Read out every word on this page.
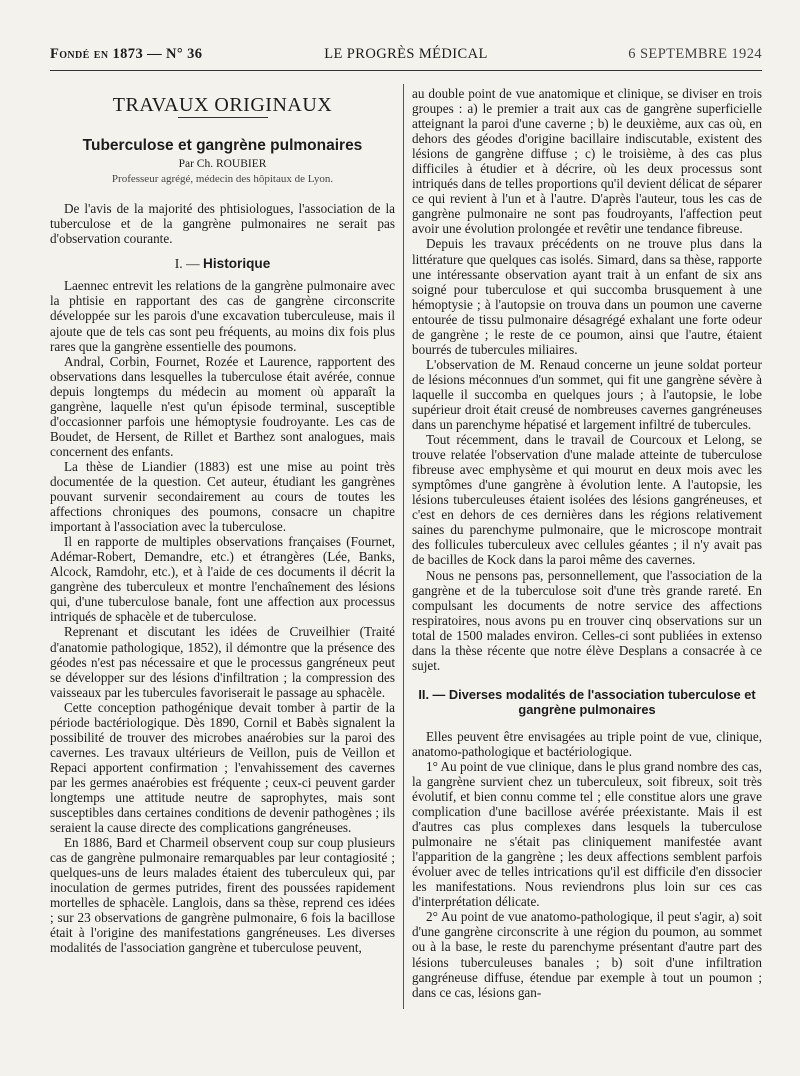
Fondé en 1873 — N° 36	LE PROGRÈS MÉDICAL	6 SEPTEMBRE 1924
TRAVAUX ORIGINAUX
Tuberculose et gangrène pulmonaires
Par Ch. ROUBIER
Professeur agrégé, médecin des hôpitaux de Lyon.

De l'avis de la majorité des phtisiologues, l'association de la tuberculose et de la gangrène pulmonaires ne serait pas d'observation courante.

I. — Historique

Laennec entrevit les relations de la gangrène pulmonaire avec la phtisie en rapportant des cas de gangrène circonscrite développée sur les parois d'une excavation tuberculeuse, mais il ajoute que de tels cas sont peu fréquents, au moins dix fois plus rares que la gangrène essentielle des poumons.

Andral, Corbin, Fournet, Rozée et Laurence, rapportent des observations dans lesquelles la tuberculose était avérée, connue depuis longtemps du médecin au moment où apparaît la gangrène, laquelle n'est qu'un épisode terminal, susceptible d'occasionner parfois une hémoptysie foudroyante. Les cas de Boudet, de Hersent, de Rillet et Barthez sont analogues, mais concernent des enfants.

La thèse de Liandier (1883) est une mise au point très documentée de la question. Cet auteur, étudiant les gangrènes pouvant survenir secondairement au cours de toutes les affections chroniques des poumons, consacre un chapitre important à l'association avec la tuberculose.

Il en rapporte de multiples observations françaises (Fournet, Adémar-Robert, Demandre, etc.) et étrangères (Lée, Banks, Alcock, Ramdohr, etc.), et à l'aide de ces documents il décrit la gangrène des tuberculeux et montre l'enchaînement des lésions qui, d'une tuberculose banale, font une affection aux processus intriqués de sphacèle et de tuberculose.

Reprenant et discutant les idées de Cruveilhier (Traité d'anatomie pathologique, 1852), il démontre que la présence des géodes n'est pas nécessaire et que le processus gangréneux peut se développer sur des lésions d'infiltration ; la compression des vaisseaux par les tubercules favoriserait le passage au sphacèle.

Cette conception pathogénique devait tomber à partir de la période bactériologique. Dès 1890, Cornil et Babès signalent la possibilité de trouver des microbes anaérobies sur la paroi des cavernes. Les travaux ultérieurs de Veillon, puis de Veillon et Repaci apportent confirmation ; l'envahissement des cavernes par les germes anaérobies est fréquente ; ceux-ci peuvent garder longtemps une attitude neutre de saprophytes, mais sont susceptibles dans certaines conditions de devenir pathogènes ; ils seraient la cause directe des complications gangréneuses.

En 1886, Bard et Charmeil observent coup sur coup plusieurs cas de gangrène pulmonaire remarquables par leur contagiosité ; quelques-uns de leurs malades étaient des tuberculeux qui, par inoculation de germes putrides, firent des poussées rapidement mortelles de sphacèle. Langlois, dans sa thèse, reprend ces idées ; sur 23 observations de gangrène pulmonaire, 6 fois la bacillose était à l'origine des manifestations gangréneuses. Les diverses modalités de l'association gangrène et tuberculose peuvent,

au double point de vue anatomique et clinique, se diviser en trois groupes : a) le premier a trait aux cas de gangrène superficielle atteignant la paroi d'une caverne ; b) le deuxième, aux cas où, en dehors des géodes d'origine bacillaire indiscutable, existent des lésions de gangrène diffuse ; c) le troisième, à des cas plus difficiles à étudier et à décrire, où les deux processus sont intriqués dans de telles proportions qu'il devient délicat de séparer ce qui revient à l'un et à l'autre. D'après l'auteur, tous les cas de gangrène pulmonaire ne sont pas foudroyants, l'affection peut avoir une évolution prolongée et revêtir une tendance fibreuse.

Depuis les travaux précédents on ne trouve plus dans la littérature que quelques cas isolés. Simard, dans sa thèse, rapporte une intéressante observation ayant trait à un enfant de six ans soigné pour tuberculose et qui succomba brusquement à une hémoptysie ; à l'autopsie on trouva dans un poumon une caverne entourée de tissu pulmonaire désagrégé exhalant une forte odeur de gangrène ; le reste de ce poumon, ainsi que l'autre, étaient bourrés de tubercules miliaires.

L'observation de M. Renaud concerne un jeune soldat porteur de lésions méconnues d'un sommet, qui fit une gangrène sévère à laquelle il succomba en quelques jours ; à l'autopsie, le lobe supérieur droit était creusé de nombreuses cavernes gangréneuses dans un parenchyme hépatisé et largement infiltré de tubercules.

Tout récemment, dans le travail de Courcoux et Lelong, se trouve relatée l'observation d'une malade atteinte de tuberculose fibreuse avec emphysème et qui mourut en deux mois avec les symptômes d'une gangrène à évolution lente. A l'autopsie, les lésions tuberculeuses étaient isolées des lésions gangréneuses, et c'est en dehors de ces dernières dans les régions relativement saines du parenchyme pulmonaire, que le microscope montrait des follicules tuberculeux avec cellules géantes ; il n'y avait pas de bacilles de Kock dans la paroi même des cavernes.

Nous ne pensons pas, personnellement, que l'association de la gangrène et de la tuberculose soit d'une très grande rareté. En compulsant les documents de notre service des affections respiratoires, nous avons pu en trouver cinq observations sur un total de 1500 malades environ. Celles-ci sont publiées in extenso dans la thèse récente que notre élève Desplans a consacrée à ce sujet.

II. — Diverses modalités de l'association tuberculose et gangrène pulmonaires

Elles peuvent être envisagées au triple point de vue, clinique, anatomo-pathologique et bactériologique.

1° Au point de vue clinique, dans le plus grand nombre des cas, la gangrène survient chez un tuberculeux, soit fibreux, soit très évolutif, et bien connu comme tel ; elle constitue alors une grave complication d'une bacillose avérée préexistante. Mais il est d'autres cas plus complexes dans lesquels la tuberculose pulmonaire ne s'était pas cliniquement manifestée avant l'apparition de la gangrène ; les deux affections semblent parfois évoluer avec de telles intrications qu'il est difficile d'en dissocier les manifestations. Nous reviendrons plus loin sur ces cas d'interprétation délicate.

2° Au point de vue anatomo-pathologique, il peut s'agir, a) soit d'une gangrène circonscrite à une région du poumon, au sommet ou à la base, le reste du parenchyme présentant d'autre part des lésions tuberculeuses banales ; b) soit d'une infiltration gangréneuse diffuse, étendue par exemple à tout un poumon ; dans ce cas, lésions gan-
